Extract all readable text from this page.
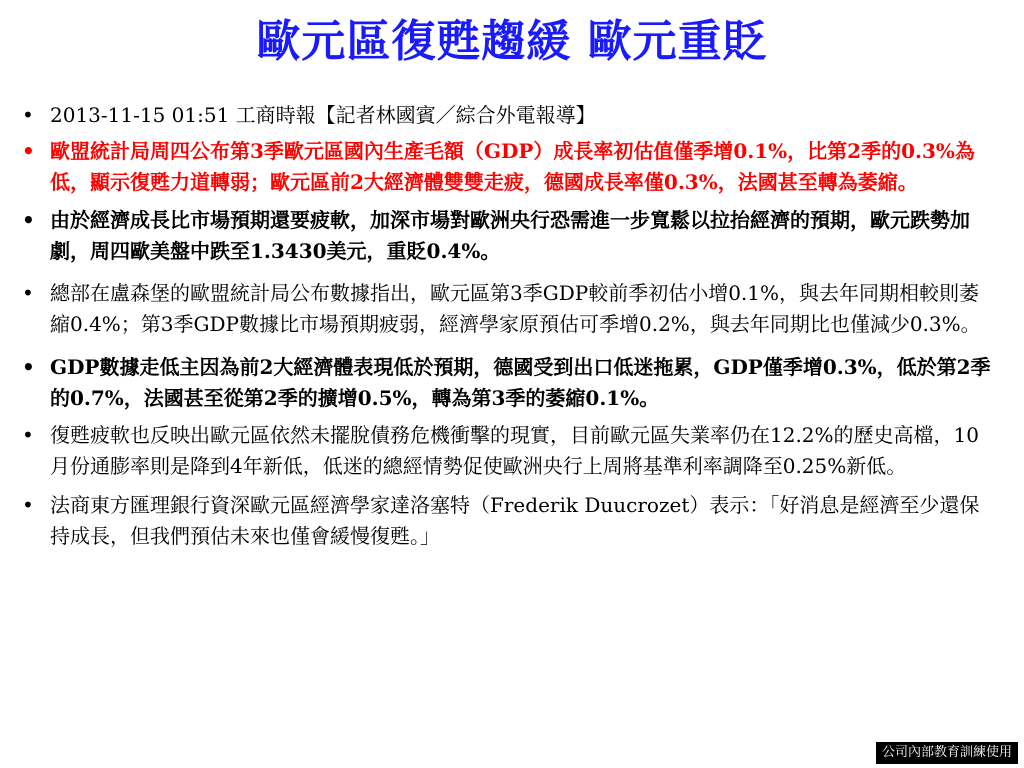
歐元區復甦趨緩 歐元重貶
• 2013-11-15 01:51 工商時報【記者林國賓／綜合外電報導】
• 歐盟統計局周四公布第3季歐元區國內生產毛額（GDP）成長率初估值僅季增0.1%，比第2季的0.3%為低，顯示復甦力道轉弱；歐元區前2大經濟體雙雙走疲，德國成長率僅0.3%，法國甚至轉為萎縮。
• 由於經濟成長比市場預期還要疲軟，加深市場對歐洲央行恐需進一步寬鬆以拉抬經濟的預期，歐元跌勢加劇，周四歐美盤中跌至1.3430美元，重貶0.4%。
• 總部在盧森堡的歐盟統計局公布數據指出，歐元區第3季GDP較前季初估小增0.1%，與去年同期相較則萎縮0.4%；第3季GDP數據比市場預期疲弱，經濟學家原預估可季增0.2%，與去年同期比也僅減少0.3%。
• GDP數據走低主因為前2大經濟體表現低於預期，德國受到出口低迷拖累，GDP僅季增0.3%，低於第2季的0.7%，法國甚至從第2季的擴增0.5%，轉為第3季的萎縮0.1%。
• 復甦疲軟也反映出歐元區依然未擺脫債務危機衝擊的現實，目前歐元區失業率仍在12.2%的歷史高檔，10月份通膨率則是降到4年新低，低迷的總經情勢促使歐洲央行上周將基準利率調降至0.25%新低。
• 法商東方匯理銀行資深歐元區經濟學家達洛塞特（Frederik Duucrozet）表示：「好消息是經濟至少還保持成長，但我們預估未來也僅會緩慢復甦。」
公司內部教育訓練使用
